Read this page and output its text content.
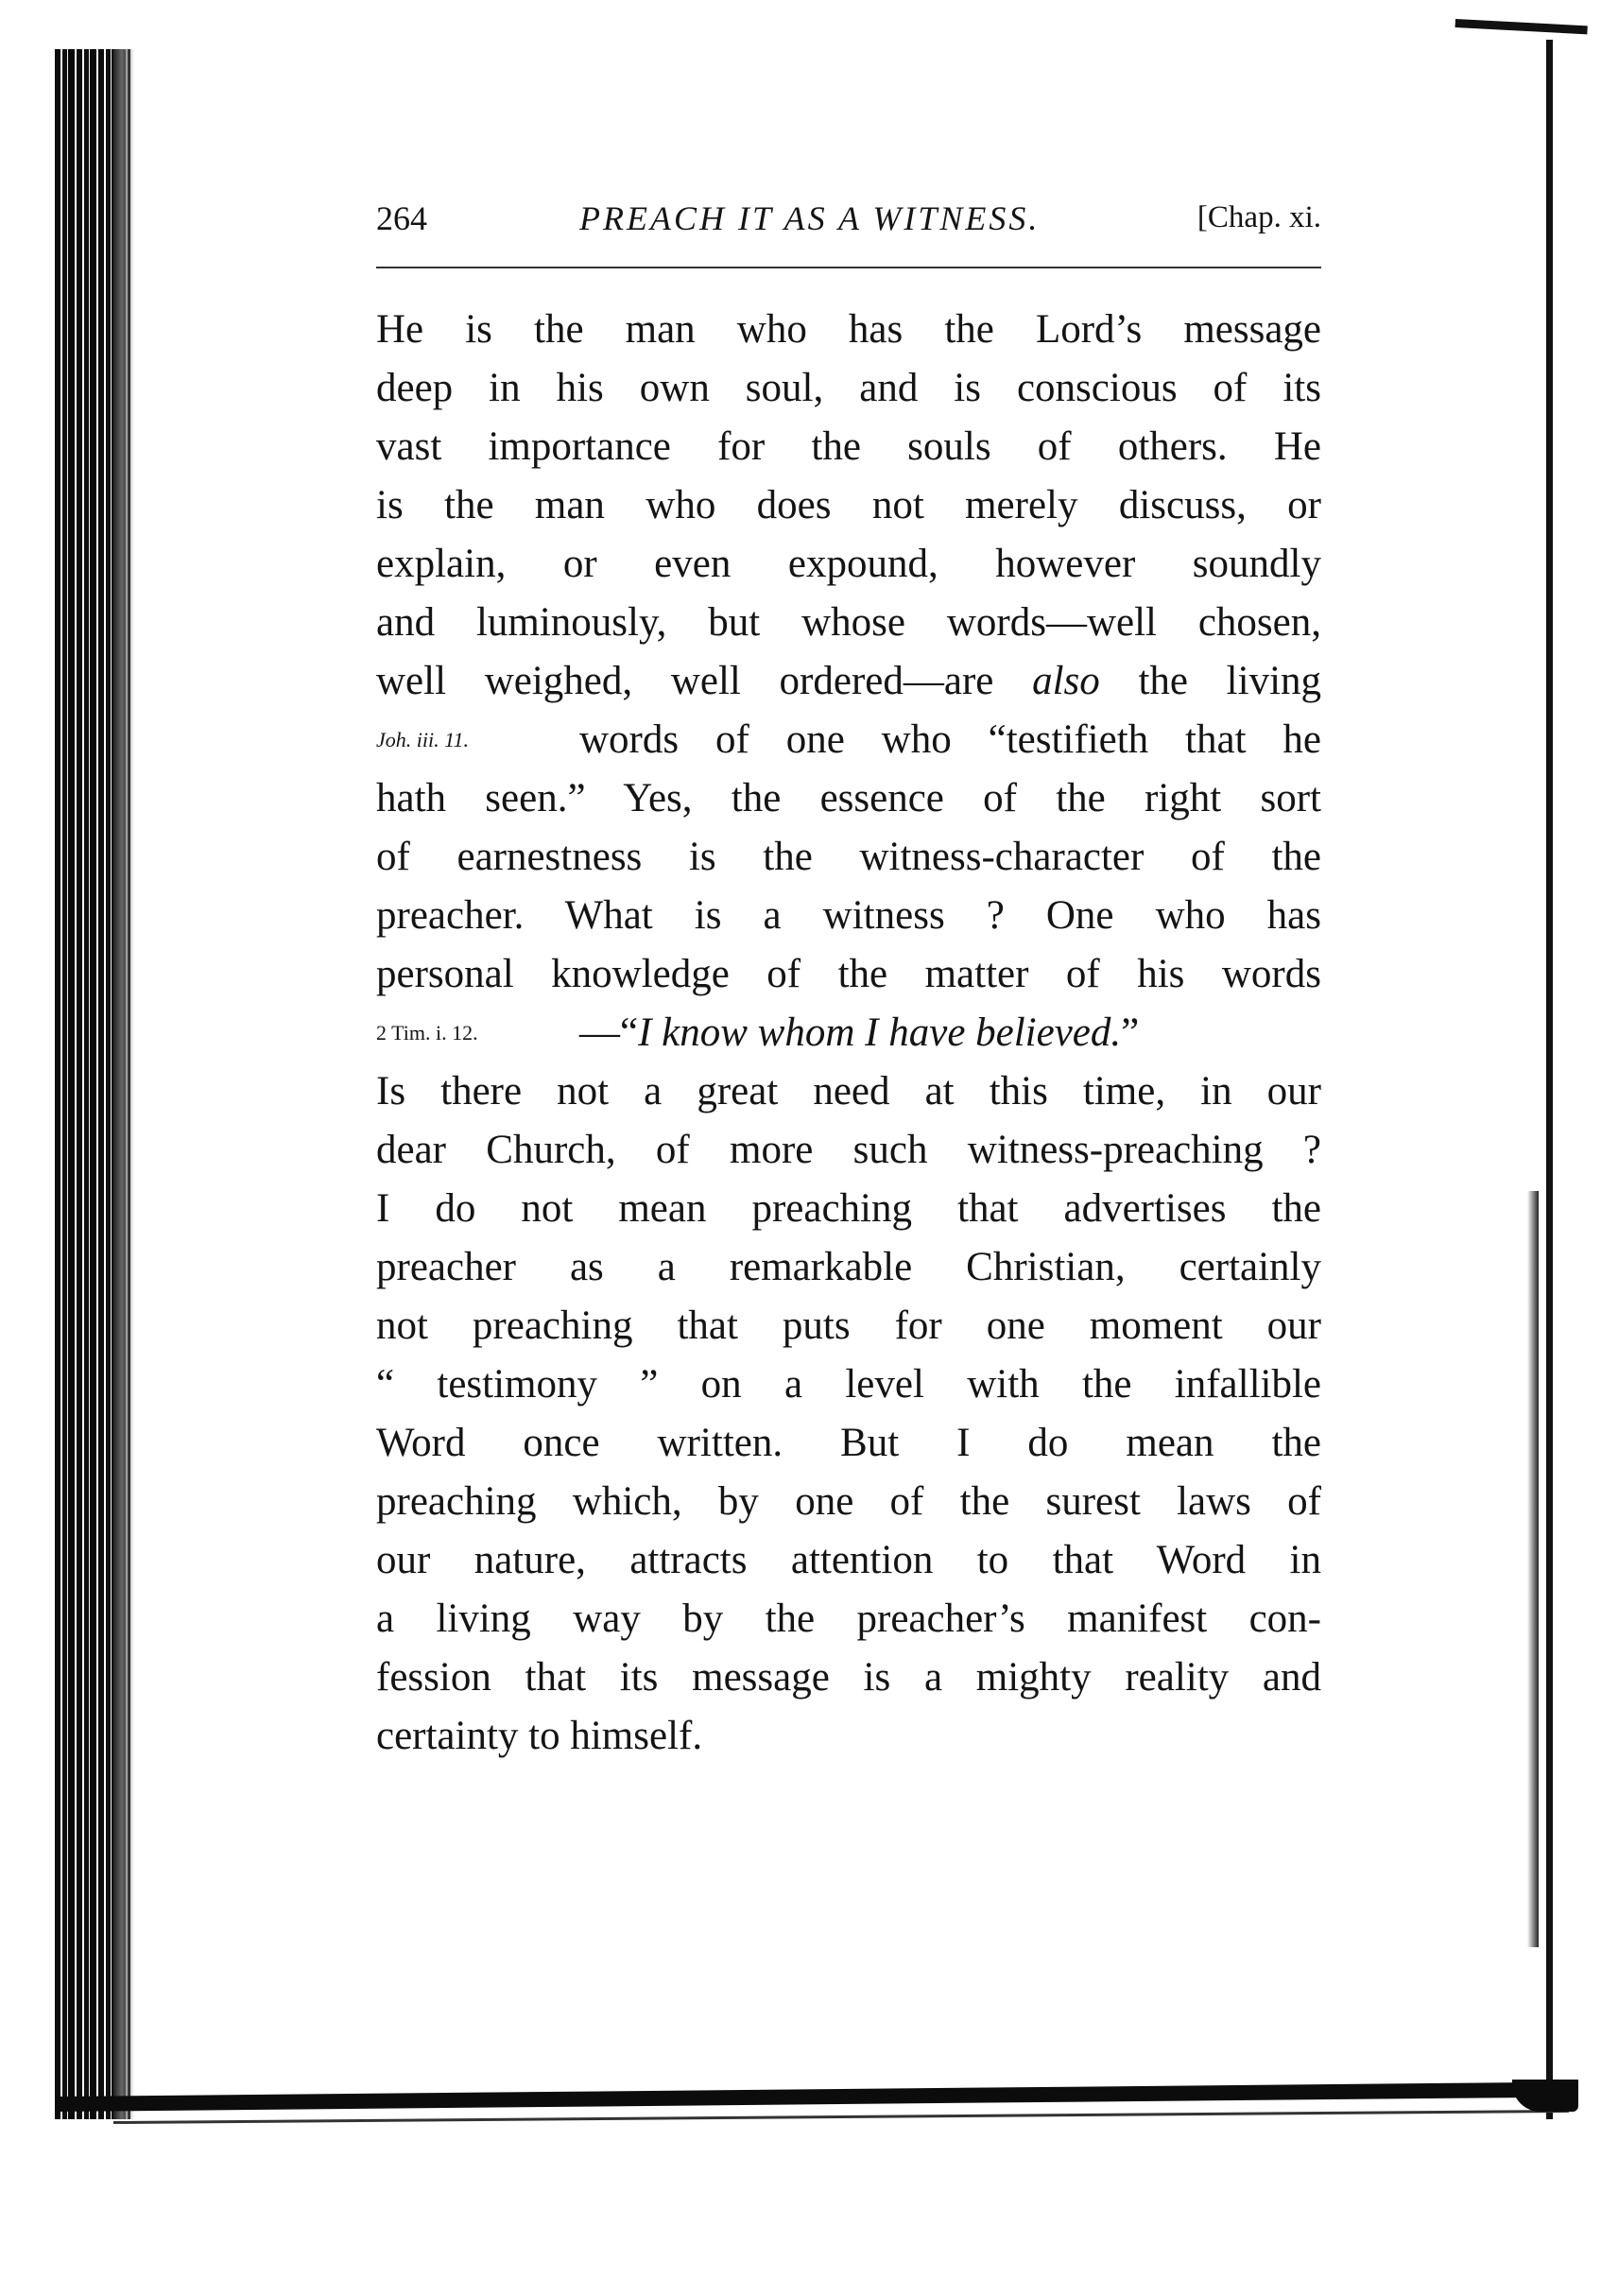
264	PREACH IT AS A WITNESS.	[Chap. xi.
He is the man who has the Lord’s message
deep in his own soul, and is conscious of its
vast importance for the souls of others. He
is the man who does not merely discuss, or
explain, or even expound, however soundly
and luminously, but whose words—well chosen,
well weighed, well ordered—are also the living
Joh. iii. 11.	words of one who “testifieth that he
hath seen.” Yes, the essence of the right sort
of earnestness is the witness-character of the
preacher. What is a witness ? One who has
personal knowledge of the matter of his words
2 Tim. i. 12. —“I know whom I have believed.”
Is there not a great need at this time, in our
dear Church, of more such witness-preaching ?
I do not mean preaching that advertises the
preacher as a remarkable Christian, certainly
not preaching that puts for one moment our
“ testimony ” on a level with the infallible
Word once written. But I do mean the
preaching which, by one of the surest laws of
our nature, attracts attention to that Word in
a living way by the preacher’s manifest con-
fession that its message is a mighty reality and
certainty to himself.
